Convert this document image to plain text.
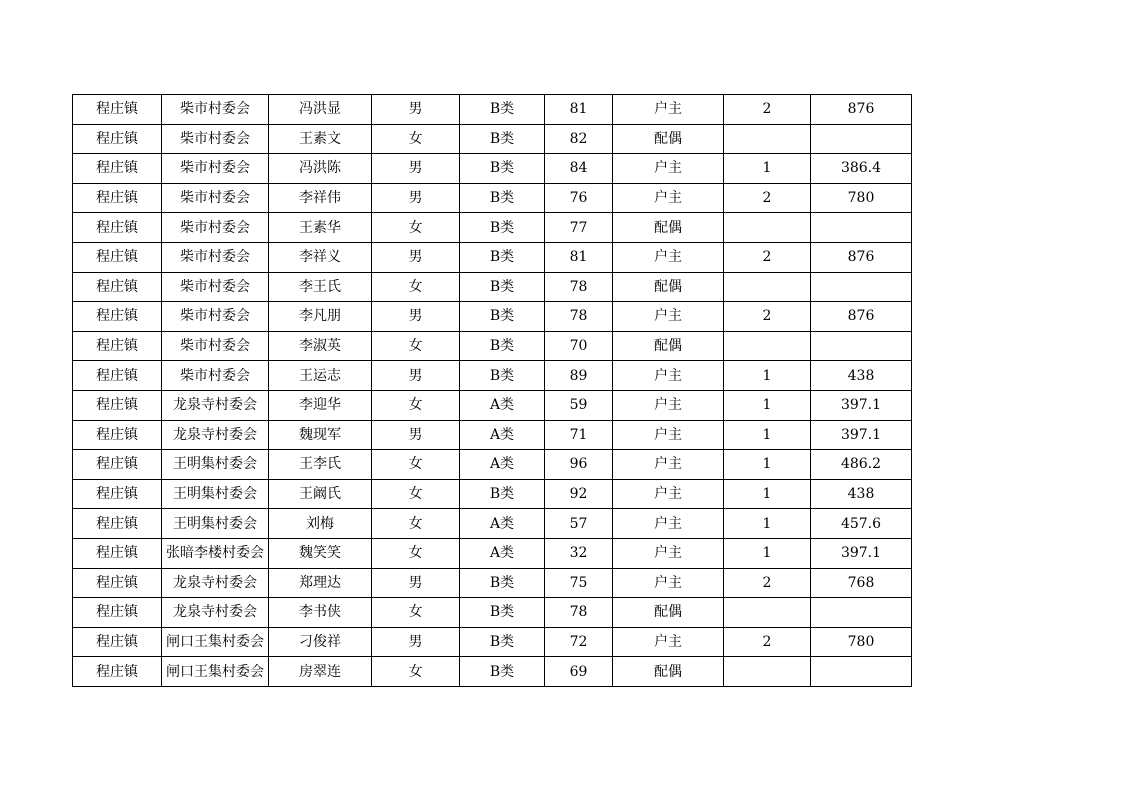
程庄镇	柴市村委会	冯洪显	男	B类	81	户主	2	876
程庄镇	柴市村委会	王素文	女	B类	82	配偶		
程庄镇	柴市村委会	冯洪陈	男	B类	84	户主	1	386.4
程庄镇	柴市村委会	李祥伟	男	B类	76	户主	2	780
程庄镇	柴市村委会	王素华	女	B类	77	配偶		
程庄镇	柴市村委会	李祥义	男	B类	81	户主	2	876
程庄镇	柴市村委会	李王氏	女	B类	78	配偶		
程庄镇	柴市村委会	李凡朋	男	B类	78	户主	2	876
程庄镇	柴市村委会	李淑英	女	B类	70	配偶		
程庄镇	柴市村委会	王运志	男	B类	89	户主	1	438
程庄镇	龙泉寺村委会	李迎华	女	A类	59	户主	1	397.1
程庄镇	龙泉寺村委会	魏现军	男	A类	71	户主	1	397.1
程庄镇	王明集村委会	王李氏	女	A类	96	户主	1	486.2
程庄镇	王明集村委会	王阚氏	女	B类	92	户主	1	438
程庄镇	王明集村委会	刘梅	女	A类	57	户主	1	457.6
程庄镇	张暗李楼村委会	魏笑笑	女	A类	32	户主	1	397.1
程庄镇	龙泉寺村委会	郑理达	男	B类	75	户主	2	768
程庄镇	龙泉寺村委会	李书侠	女	B类	78	配偶		
程庄镇	闸口王集村委会	刁俊祥	男	B类	72	户主	2	780
程庄镇	闸口王集村委会	房翠连	女	B类	69	配偶		
